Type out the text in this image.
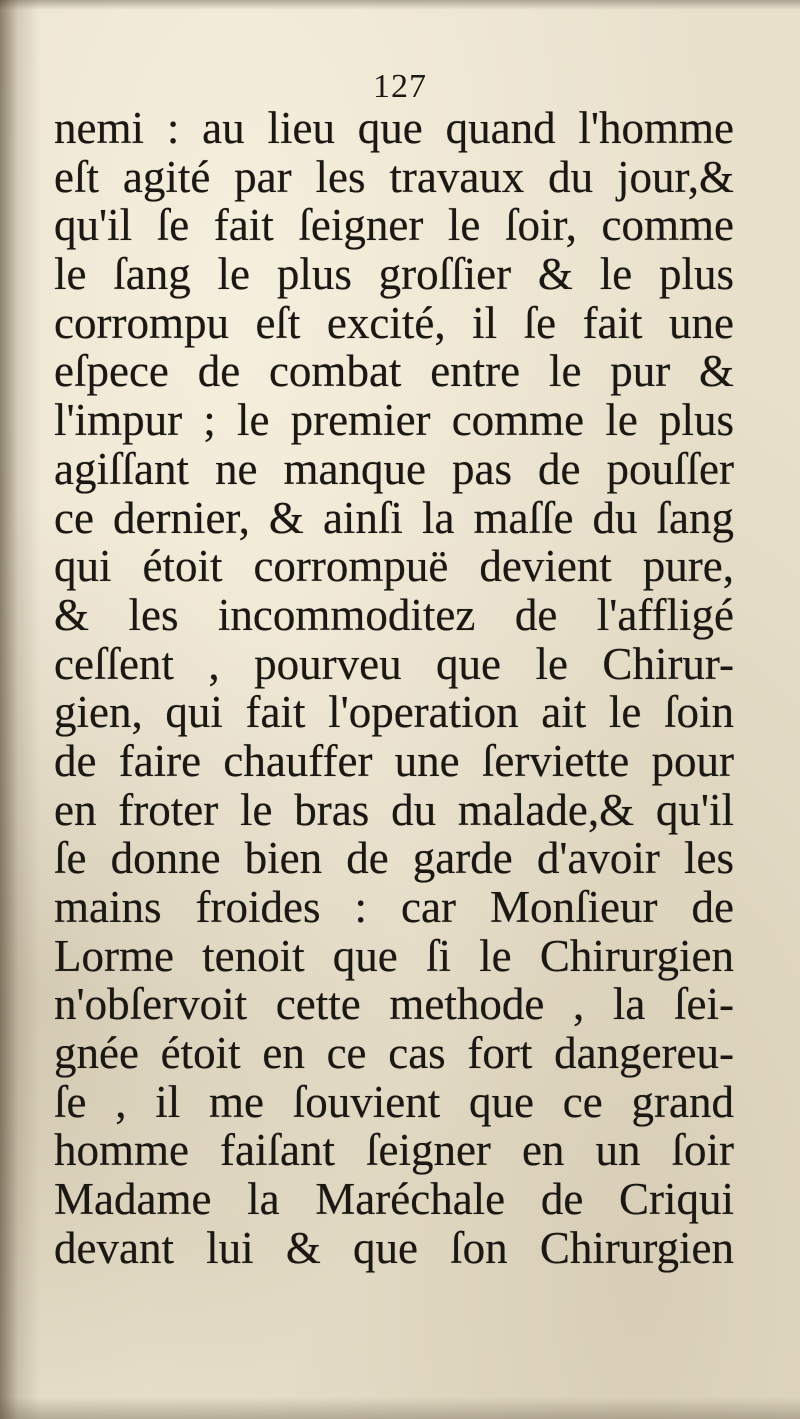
127
nemi : au lieu que quand l'homme
eſt agité par les travaux du jour,&
qu'il ſe fait ſeigner le ſoir, comme
le ſang le plus groſſier & le plus
corrompu eſt excité, il ſe fait une
eſpece de combat entre le pur &
l'impur ; le premier comme le plus
agiſſant ne manque pas de pouſſer
ce dernier, & ainſi la maſſe du ſang
qui étoit corrompuë devient pure,
& les incommoditez de l'affligé
ceſſent , pourveu que le Chirur-
gien, qui fait l'operation ait le ſoin
de faire chauffer une ſerviette pour
en froter le bras du malade,& qu'il
ſe donne bien de garde d'avoir les
mains froides : car Monſieur de
Lorme tenoit que ſi le Chirurgien
n'obſervoit cette methode , la ſei-
gnée étoit en ce cas fort dangereu-
ſe , il me ſouvient que ce grand
homme faiſant ſeigner en un ſoir
Madame la Maréchale de Criqui
devant lui & que ſon Chirurgien
